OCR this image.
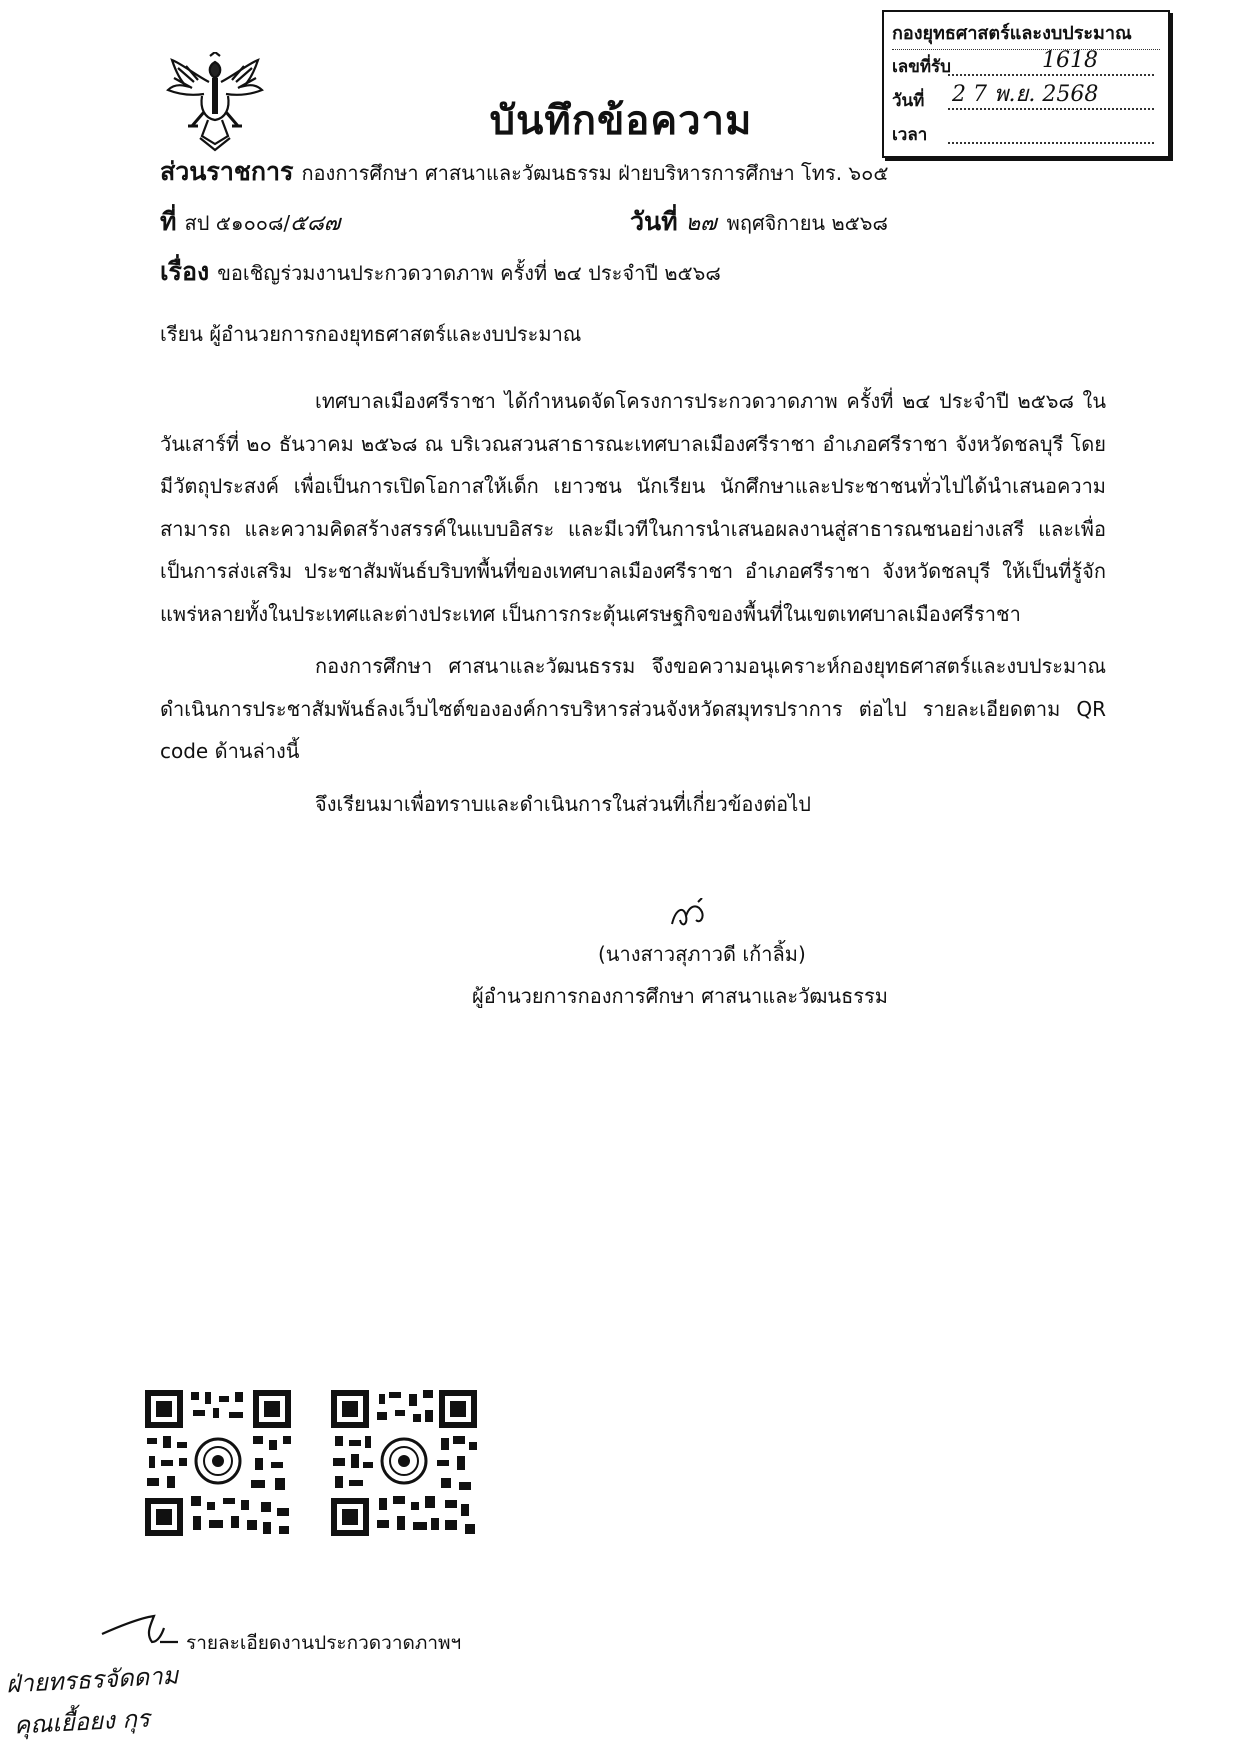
กองยุทธศาสตร์และงบประมาณ
เลขที่รับ	1618
วันที่ 2 7 พ.ย. 2568
เวลา
บันทึกข้อความ
ส่วนราชการ กองการศึกษา ศาสนาและวัฒนธรรม ฝ่ายบริหารการศึกษา โทร. ๖๐๕
ที่ สป ๕๑๐๐๘/๕๘๗	วันที่ ๒๗ พฤศจิกายน ๒๕๖๘
เรื่อง ขอเชิญร่วมงานประกวดวาดภาพ ครั้งที่ ๒๔ ประจำปี ๒๕๖๘
เรียน ผู้อำนวยการกองยุทธศาสตร์และงบประมาณ

เทศบาลเมืองศรีราชา ได้กำหนดจัดโครงการประกวดวาดภาพ ครั้งที่ ๒๔ ประจำปี ๒๕๖๘ ในวันเสาร์ที่ ๒๐ ธันวาคม ๒๕๖๘ ณ บริเวณสวนสาธารณะเทศบาลเมืองศรีราชา อำเภอศรีราชา จังหวัดชลบุรี โดยมีวัตถุประสงค์ เพื่อเป็นการเปิดโอกาสให้เด็ก เยาวชน นักเรียน นักศึกษาและประชาชนทั่วไปได้นำเสนอความสามารถ และความคิดสร้างสรรค์ในแบบอิสระ และมีเวทีในการนำเสนอผลงานสู่สาธารณชนอย่างเสรี และเพื่อเป็นการส่งเสริม ประชาสัมพันธ์บริบทพื้นที่ของเทศบาลเมืองศรีราชา อำเภอศรีราชา จังหวัดชลบุรี ให้เป็นที่รู้จักแพร่หลายทั้งในประเทศและต่างประเทศ เป็นการกระตุ้นเศรษฐกิจของพื้นที่ในเขตเทศบาลเมืองศรีราชา

กองการศึกษา ศาสนาและวัฒนธรรม จึงขอความอนุเคราะห์กองยุทธศาสตร์และงบประมาณ ดำเนินการประชาสัมพันธ์ลงเว็บไซต์ขององค์การบริหารส่วนจังหวัดสมุทรปราการ ต่อไป รายละเอียดตาม QR code ด้านล่างนี้

จึงเรียนมาเพื่อทราบและดำเนินการในส่วนที่เกี่ยวข้องต่อไป

(นางสาวสุภาวดี เก้าลิ้ม)
ผู้อำนวยการกองการศึกษา ศาสนาและวัฒนธรรม
รายละเอียดงานประกวดวาดภาพฯ
ฝ่ายทรธรจัดดาม
คุณเยื้อยง กุร
